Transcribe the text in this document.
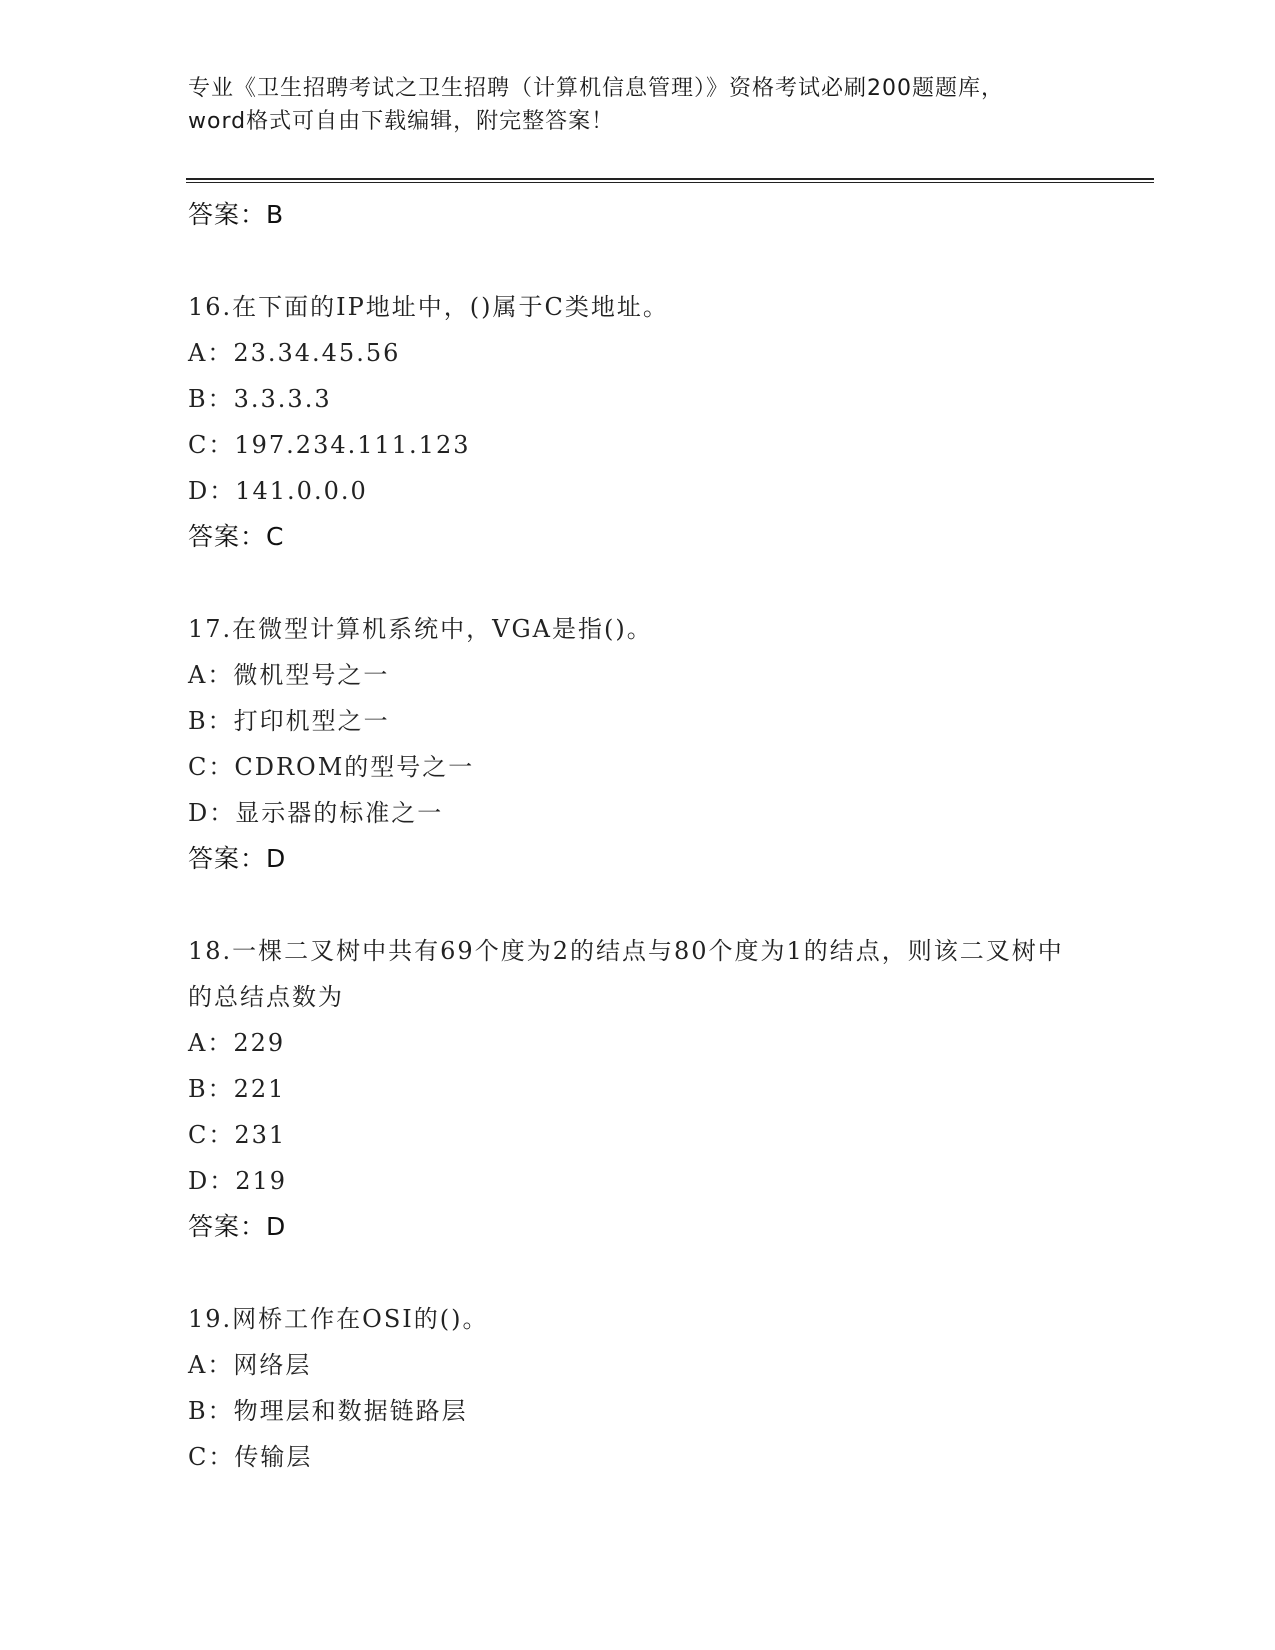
专业《卫生招聘考试之卫生招聘（计算机信息管理）》资格考试必刷200题题库，
word格式可自由下载编辑，附完整答案！
答案：B
16.在下面的IP地址中，()属于C类地址。
A：23.34.45.56
B：3.3.3.3
C：197.234.111.123
D：141.0.0.0
答案：C
17.在微型计算机系统中，VGA是指()。
A：微机型号之一
B：打印机型之一
C：CDROM的型号之一
D：显示器的标准之一
答案：D
18.一棵二叉树中共有69个度为2的结点与80个度为1的结点，则该二叉树中的总结点数为
A：229
B：221
C：231
D：219
答案：D
19.网桥工作在OSI的()。
A：网络层
B：物理层和数据链路层
C：传输层
